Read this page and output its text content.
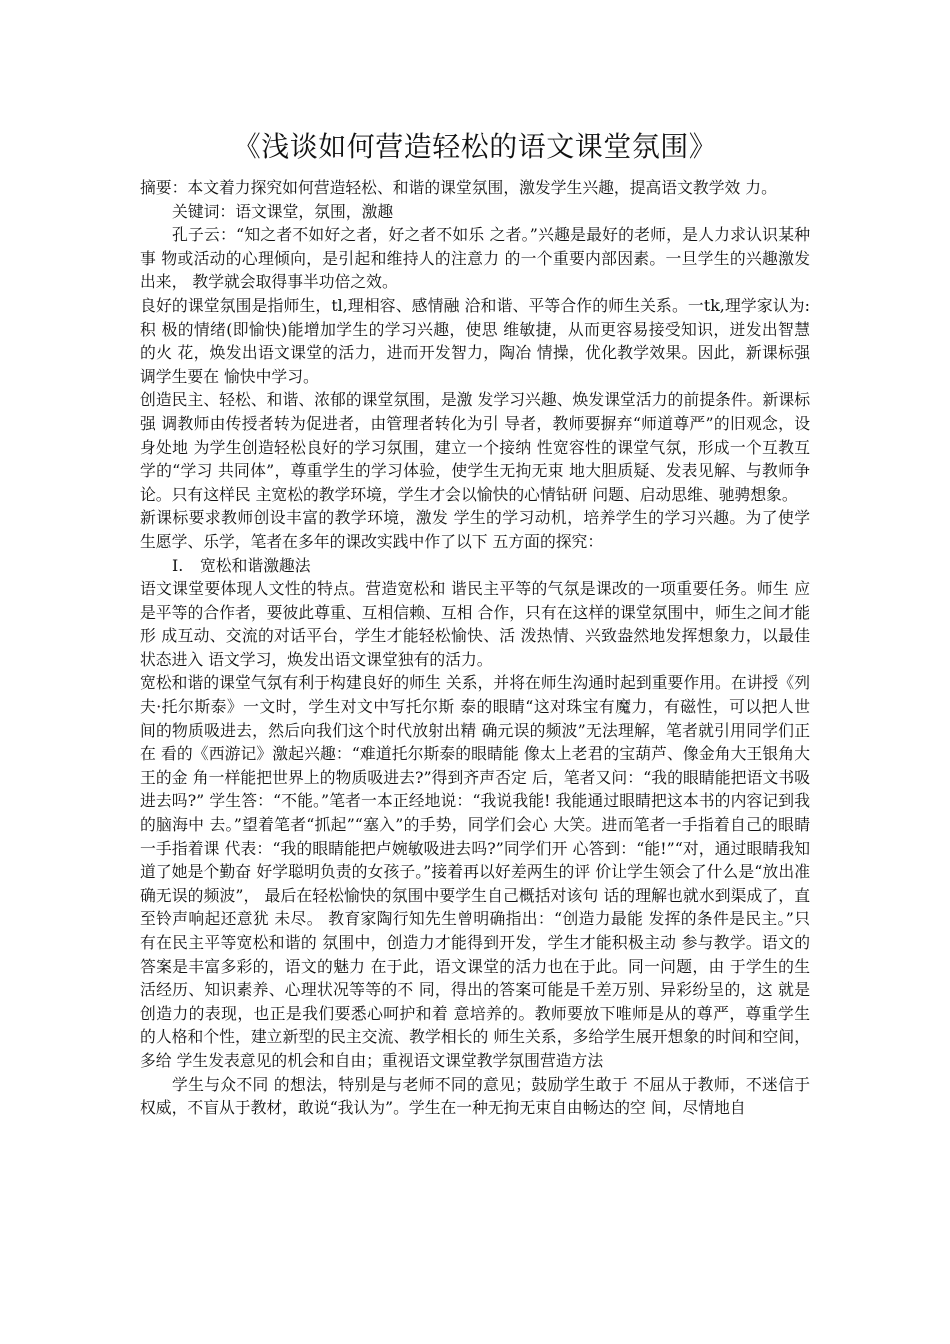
《浅谈如何营造轻松的语文课堂氛围》

摘要：本文着力探究如何营造轻松、和谐的课堂氛围，激发学生兴趣，提高语文教学效 力。

关键词：语文课堂，氛围，激趣

孔子云：“知之者不如好之者，好之者不如乐 之者。”兴趣是最好的老师，是人力求认识某种事 物或活动的心理倾向，是引起和维持人的注意力 的一个重要内部因素。一旦学生的兴趣激发出来， 教学就会取得事半功倍之效。

良好的课堂氛围是指师生，tl,理相容、感情融 洽和谐、平等合作的师生关系。一tk,理学家认为:积 极的情绪(即愉快)能增加学生的学习兴趣，使思 维敏捷，从而更容易接受知识，迸发出智慧的火 花，焕发出语文课堂的活力，进而开发智力，陶冶 情操，优化教学效果。因此，新课标强调学生要在 愉快中学习。

创造民主、轻松、和谐、浓郁的课堂氛围，是激 发学习兴趣、焕发课堂活力的前提条件。新课标强 调教师由传授者转为促进者，由管理者转化为引 导者，教师要摒弃“师道尊严”的旧观念，设身处地 为学生创造轻松良好的学习氛围，建立一个接纳 性宽容性的课堂气氛，形成一个互教互学的“学习 共同体”，尊重学生的学习体验，使学生无拘无束 地大胆质疑、发表见解、与教师争论。只有这样民 主宽松的教学环境，学生才会以愉快的心情钻研 问题、启动思维、驰骋想象。

新课标要求教师创设丰富的教学环境，激发 学生的学习动机，培养学生的学习兴趣。为了使学 生愿学、乐学，笔者在多年的课改实践中作了以下 五方面的探究：

I. 宽松和谐激趣法

语文课堂要体现人文性的特点。营造宽松和 谐民主平等的气氛是课改的一项重要任务。师生 应是平等的合作者，要彼此尊重、互相信赖、互相 合作，只有在这样的课堂氛围中，师生之间才能形 成互动、交流的对话平台，学生才能轻松愉快、活 泼热情、兴致盎然地发挥想象力，以最佳状态进入 语文学习，焕发出语文课堂独有的活力。

宽松和谐的课堂气氛有利于构建良好的师生 关系，并将在师生沟通时起到重要作用。在讲授《列夫·托尔斯泰》一文时，学生对文中写托尔斯 泰的眼睛“这对珠宝有魔力，有磁性，可以把人世 间的物质吸进去，然后向我们这个时代放射出精 确元误的频波”无法理解，笔者就引用同学们正在 看的《西游记》激起兴趣：“难道托尔斯泰的眼睛能 像太上老君的宝葫芦、像金角大王银角大王的金 角一样能把世界上的物质吸进去?”得到齐声否定 后，笔者又问：“我的眼睛能把语文书吸进去吗?” 学生答：“不能。”笔者一本正经地说：“我说我能! 我能通过眼睛把这本书的内容记到我的脑海中 去。”望着笔者“抓起”“塞入”的手势，同学们会心 大笑。进而笔者一手指着自己的眼睛一手指着课 代表：“我的眼睛能把卢婉敏吸进去吗?”同学们开 心答到：“能!”“对，通过眼睛我知道了她是个勤奋 好学聪明负责的女孩子。”接着再以好差两生的评 价让学生领会了什么是“放出准确无误的频波”， 最后在轻松愉快的氛围中要学生自己概括对该句 话的理解也就水到渠成了，直至铃声响起还意犹 未尽。 教育家陶行知先生曾明确指出：“创造力最能 发挥的条件是民主。”只有在民主平等宽松和谐的 氛围中，创造力才能得到开发，学生才能积极主动 参与教学。语文的答案是丰富多彩的，语文的魅力 在于此，语文课堂的活力也在于此。同一问题，由 于学生的生活经历、知识素养、心理状况等等的不 同，得出的答案可能是千差万别、异彩纷呈的，这 就是创造力的表现，也正是我们要悉心呵护和着 意培养的。教师要放下唯师是从的尊严，尊重学生 的人格和个性，建立新型的民主交流、教学相长的 师生关系，多给学生展开想象的时间和空间，多给 学生发表意见的机会和自由；重视语文课堂教学氛围营造方法

学生与众不同 的想法，特别是与老师不同的意见；鼓励学生敢于 不屈从于教师，不迷信于权威，不盲从于教材，敢说“我认为”。学生在一种无拘无束自由畅达的空 间，尽情地自
